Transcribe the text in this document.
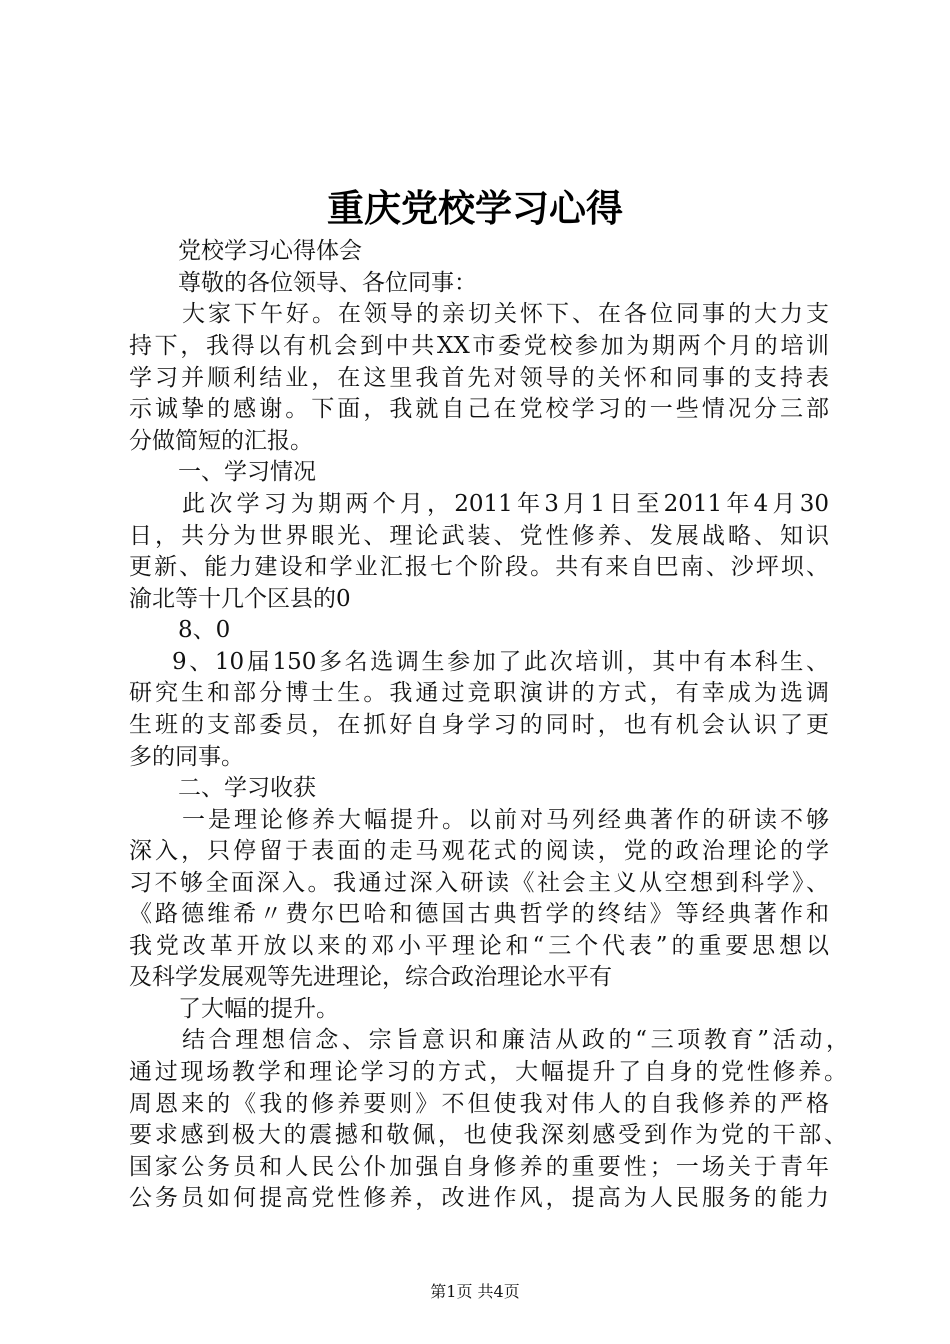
重庆党校学习心得

党校学习心得体会

尊敬的各位领导、各位同事：

大家下午好。在领导的亲切关怀下、在各位同事的大力支

持下，我得以有机会到中共XX市委党校参加为期两个月的培训

学习并顺利结业，在这里我首先对领导的关怀和同事的支持表

示诚挚的感谢。下面，我就自己在党校学习的一些情况分三部

分做简短的汇报。

一、学习情况

此次学习为期两个月，2011年3月1日至2011年4月30

日，共分为世界眼光、理论武装、党性修养、发展战略、知识

更新、能力建设和学业汇报七个阶段。共有来自巴南、沙坪坝、

渝北等十几个区县的0

8、0

9、10届150多名选调生参加了此次培训，其中有本科生、

研究生和部分博士生。我通过竞职演讲的方式，有幸成为选调

生班的支部委员，在抓好自身学习的同时，也有机会认识了更

多的同事。

二、学习收获

一是理论修养大幅提升。以前对马列经典著作的研读不够

深入，只停留于表面的走马观花式的阅读，党的政治理论的学

习不够全面深入。我通过深入研读《社会主义从空想到科学》、

《路德维希〃费尔巴哈和德国古典哲学的终结》等经典著作和

我党改革开放以来的邓小平理论和“三个代表”的重要思想以

及科学发展观等先进理论，综合政治理论水平有

了大幅的提升。

结合理想信念、宗旨意识和廉洁从政的“三项教育”活动，

通过现场教学和理论学习的方式，大幅提升了自身的党性修养。

周恩来的《我的修养要则》不但使我对伟人的自我修养的严格

要求感到极大的震撼和敬佩，也使我深刻感受到作为党的干部、

国家公务员和人民公仆加强自身修养的重要性；一场关于青年

公务员如何提高党性修养，改进作风，提高为人民服务的能力

第1页 共4页
